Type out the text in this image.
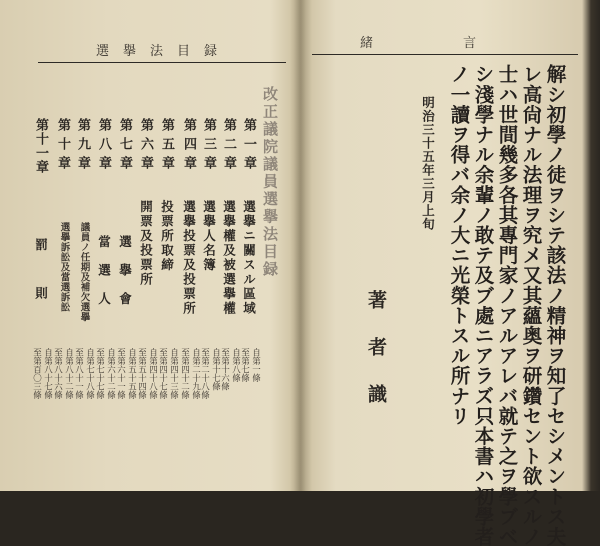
選擧法目録
改正議院議員選擧法目録
第一章
選擧ニ關スル區域
自第一條
至第七條
第二章
選擧權及被選擧權
自第八條
至第十六條
第三章
選擧人名簿
自第十七條
至第二十八條
第四章
選擧投票及投票所
自第二十九條
至第四十二條
第五章
投票所取締
自第四十三條
至第四十七條
第六章
開票及投票所
自第四十八條
至第五十四條
第七章
選擧會
自第五十五條
至第六十一條
第八章
當選人
自第六十二條
至第七十七條
第九章
議員ノ任期及補欠選擧
自第七十八條
至第八十一條
第十章
選擧訴訟及當選訴訟
自第八十二條
至第八十六條
第十一章
罰則
自第八十七條
至第百〇三條
緒言
解シ初學ノ徒ヲシテ該法ノ精神ヲ知了セシメントス夫
レ高尙ナル法理ヲ究メ又其蘊奥ヲ研鑽セント欲スルノ
士ハ世間幾多各其專門家ノアルアレバ就テ之ヲ學ブベ
シ淺學ナル余輩ノ敢テ及ブ處ニアラズ只本書ハ初學者
ノ一讀ヲ得バ余ノ大ニ光榮トスル所ナリ
明治三十五年三月上旬
著者識
